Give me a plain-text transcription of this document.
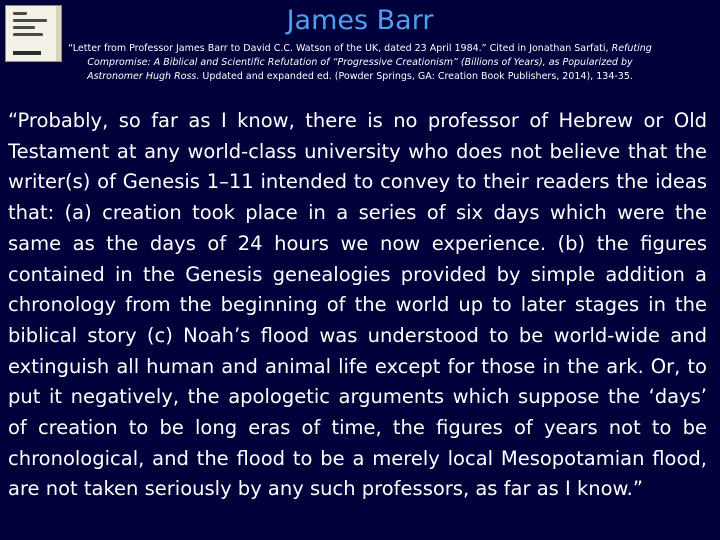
James Barr
“Letter from Professor James Barr to David C.C. Watson of the UK, dated 23 April 1984.” Cited in Jonathan Sarfati, Refuting Compromise: A Biblical and Scientific Refutation of “Progressive Creationism” (Billions of Years), as Popularized by Astronomer Hugh Ross. Updated and expanded ed. (Powder Springs, GA: Creation Book Publishers, 2014), 134-35.
“Probably, so far as I know, there is no professor of Hebrew or Old Testament at any world-class university who does not believe that the writer(s) of Genesis 1–11 intended to convey to their readers the ideas that: (a) creation took place in a series of six days which were the same as the days of 24 hours we now experience. (b) the figures contained in the Genesis genealogies provided by simple addition a chronology from the beginning of the world up to later stages in the biblical story (c) Noah’s flood was understood to be world-wide and extinguish all human and animal life except for those in the ark. Or, to put it negatively, the apologetic arguments which suppose the ‘days’ of creation to be long eras of time, the figures of years not to be chronological, and the flood to be a merely local Mesopotamian flood, are not taken seriously by any such professors, as far as I know.”
